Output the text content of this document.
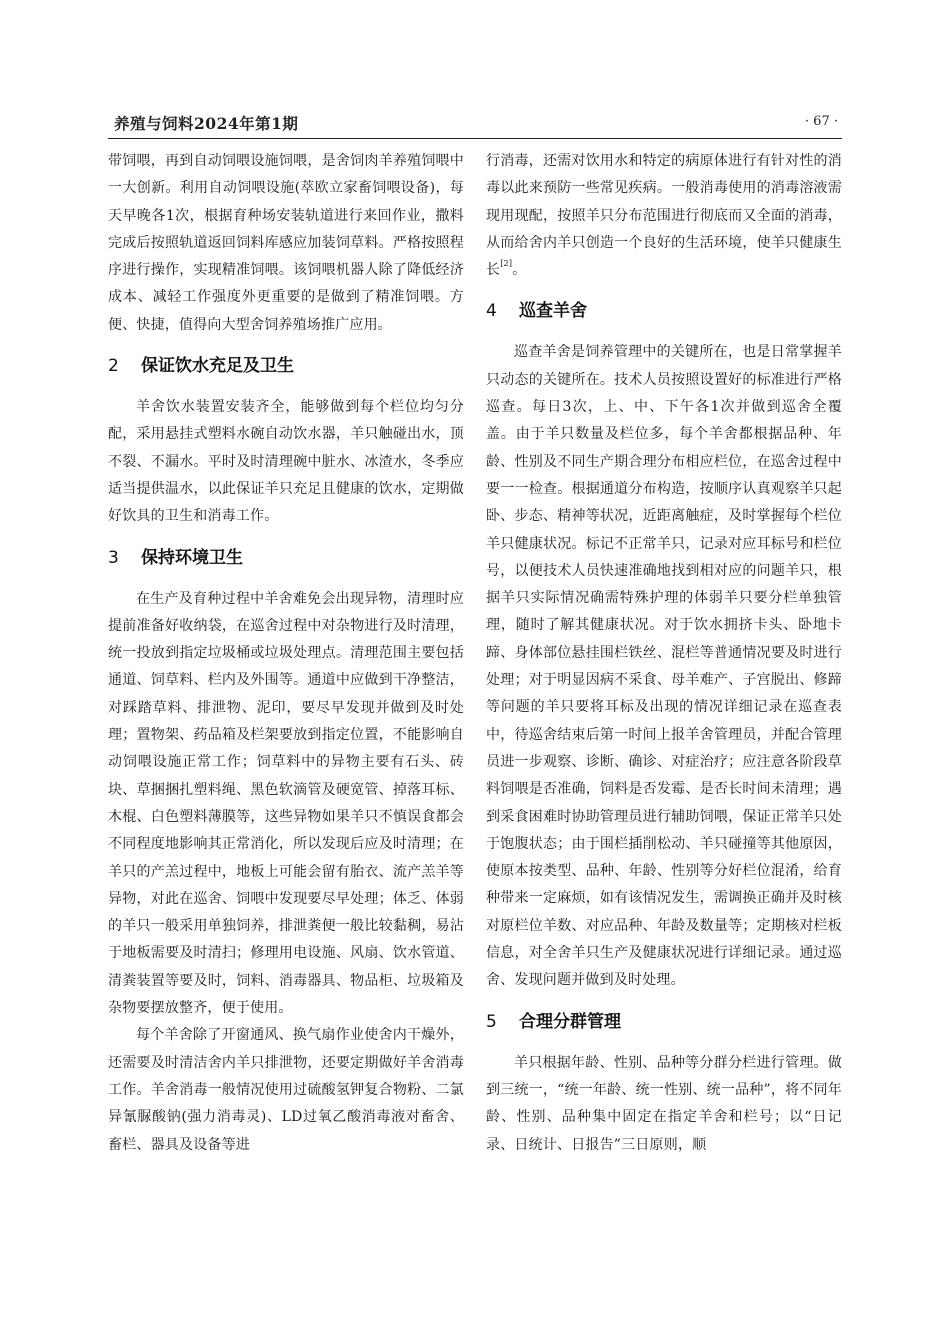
养殖与饲料2024年第1期	· 67 ·

带饲喂，再到自动饲喂设施饲喂，是舍饲肉羊养殖饲喂中一大创新。利用自动饲喂设施(萃欧立家畜饲喂设备)，每天早晚各1次，根据育种场安装轨道进行来回作业，撒料完成后按照轨道返回饲料库感应加装饲草料。严格按照程序进行操作，实现精准饲喂。该饲喂机器人除了降低经济成本、减轻工作强度外更重要的是做到了精准饲喂。方便、快捷，值得向大型舍饲养殖场推广应用。

2	保证饮水充足及卫生

羊舍饮水装置安装齐全，能够做到每个栏位均匀分配，采用悬挂式塑料水碗自动饮水器，羊只触碰出水，顶不裂、不漏水。平时及时清理碗中脏水、冰渣水，冬季应适当提供温水，以此保证羊只充足且健康的饮水，定期做好饮具的卫生和消毒工作。

3	保持环境卫生

在生产及育种过程中羊舍难免会出现异物，清理时应提前准备好收纳袋，在巡舍过程中对杂物进行及时清理，统一投放到指定垃圾桶或垃圾处理点。清理范围主要包括通道、饲草料、栏内及外围等。通道中应做到干净整洁，对踩踏草料、排泄物、泥印，要尽早发现并做到及时处理；置物架、药品箱及栏架要放到指定位置，不能影响自动饲喂设施正常工作；饲草料中的异物主要有石头、砖块、草捆捆扎塑料绳、黑色软滴管及硬宽管、掉落耳标、木棍、白色塑料薄膜等，这些异物如果羊只不慎误食都会不同程度地影响其正常消化，所以发现后应及时清理；在羊只的产羔过程中，地板上可能会留有胎衣、流产羔羊等异物，对此在巡舍、饲喂中发现要尽早处理；体乏、体弱的羊只一般采用单独饲养，排泄粪便一般比较黏稠，易沾于地板需要及时清扫；修理用电设施、风扇、饮水管道、清粪装置等要及时，饲料、消毒器具、物品柜、垃圾箱及杂物要摆放整齐，便于使用。

每个羊舍除了开窗通风、换气扇作业使舍内干燥外，还需要及时清洁舍内羊只排泄物，还要定期做好羊舍消毒工作。羊舍消毒一般情况使用过硫酸氢钾复合物粉、二氯异氰脲酸钠(强力消毒灵)、LD过氧乙酸消毒液对畜舍、畜栏、器具及设备等进

行消毒，还需对饮用水和特定的病原体进行有针对性的消毒以此来预防一些常见疾病。一般消毒使用的消毒溶液需现用现配，按照羊只分布范围进行彻底而又全面的消毒，从而给舍内羊只创造一个良好的生活环境，使羊只健康生长[2]。

4	巡查羊舍

巡查羊舍是饲养管理中的关键所在，也是日常掌握羊只动态的关键所在。技术人员按照设置好的标准进行严格巡查。每日3次，上、中、下午各1次并做到巡舍全覆盖。由于羊只数量及栏位多，每个羊舍都根据品种、年龄、性别及不同生产期合理分布相应栏位，在巡舍过程中要一一检查。根据通道分布构造，按顺序认真观察羊只起卧、步态、精神等状况，近距离触症，及时掌握每个栏位羊只健康状况。标记不正常羊只，记录对应耳标号和栏位号，以便技术人员快速准确地找到相对应的问题羊只，根据羊只实际情况确需特殊护理的体弱羊只要分栏单独管理，随时了解其健康状况。对于饮水拥挤卡头、卧地卡蹄、身体部位悬挂围栏铁丝、混栏等普通情况要及时进行处理；对于明显因病不采食、母羊难产、子宫脱出、修蹄等问题的羊只要将耳标及出现的情况详细记录在巡查表中，待巡舍结束后第一时间上报羊舍管理员，并配合管理员进一步观察、诊断、确诊、对症治疗；应注意各阶段草料饲喂是否准确，饲料是否发霉、是否长时间未清理；遇到采食困难时协助管理员进行辅助饲喂，保证正常羊只处于饱腹状态；由于围栏插削松动、羊只碰撞等其他原因，使原本按类型、品种、年龄、性别等分好栏位混淆，给育种带来一定麻烦，如有该情况发生，需调换正确并及时核对原栏位羊数、对应品种、年龄及数量等；定期核对栏板信息，对全舍羊只生产及健康状况进行详细记录。通过巡舍、发现问题并做到及时处理。

5	合理分群管理

羊只根据年龄、性别、品种等分群分栏进行管理。做到三统一，“统一年龄、统一性别、统一品种”，将不同年龄、性别、品种集中固定在指定羊舍和栏号；以“日记录、日统计、日报告”三日原则，顺
